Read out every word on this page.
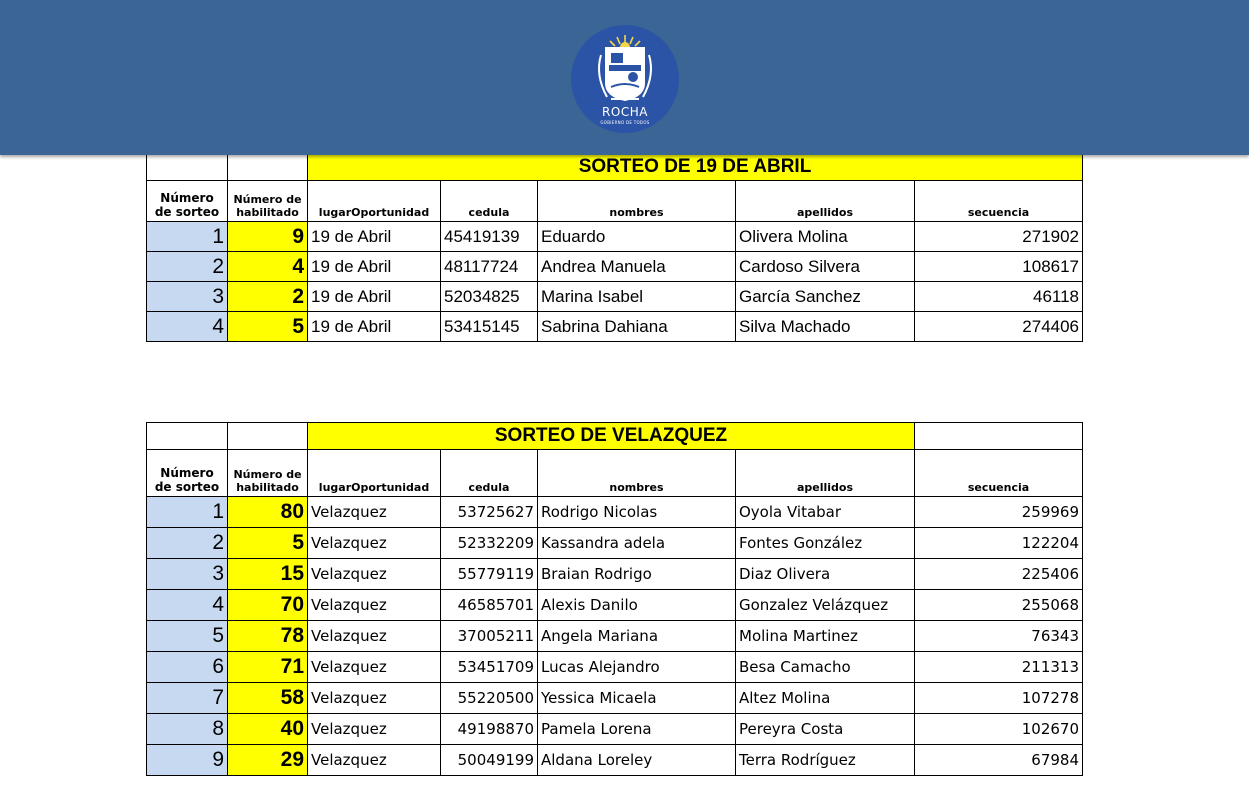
ROCHA
GOBIERNO DE TODOS
		SORTEO DE 19 DE ABRIL				
Número de sorteo	Número de habilitado	lugarOportunidad	cedula	nombres	apellidos	secuencia
1	9	19 de Abril	45419139	Eduardo	Olivera Molina	271902
2	4	19 de Abril	48117724	Andrea Manuela	Cardoso Silvera	108617
3	2	19 de Abril	52034825	Marina Isabel	García Sanchez	46118
4	5	19 de Abril	53415145	Sabrina Dahiana	Silva Machado	274406
		SORTEO DE VELAZQUEZ				
Número de sorteo	Número de habilitado	lugarOportunidad	cedula	nombres	apellidos	secuencia
1	80	Velazquez	53725627	Rodrigo Nicolas	Oyola Vitabar	259969
2	5	Velazquez	52332209	Kassandra adela	Fontes González	122204
3	15	Velazquez	55779119	Braian Rodrigo	Diaz Olivera	225406
4	70	Velazquez	46585701	Alexis Danilo	Gonzalez Velázquez	255068
5	78	Velazquez	37005211	Angela Mariana	Molina Martinez	76343
6	71	Velazquez	53451709	Lucas Alejandro	Besa Camacho	211313
7	58	Velazquez	55220500	Yessica Micaela	Altez Molina	107278
8	40	Velazquez	49198870	Pamela Lorena	Pereyra Costa	102670
9	29	Velazquez	50049199	Aldana Loreley	Terra Rodríguez	67984
